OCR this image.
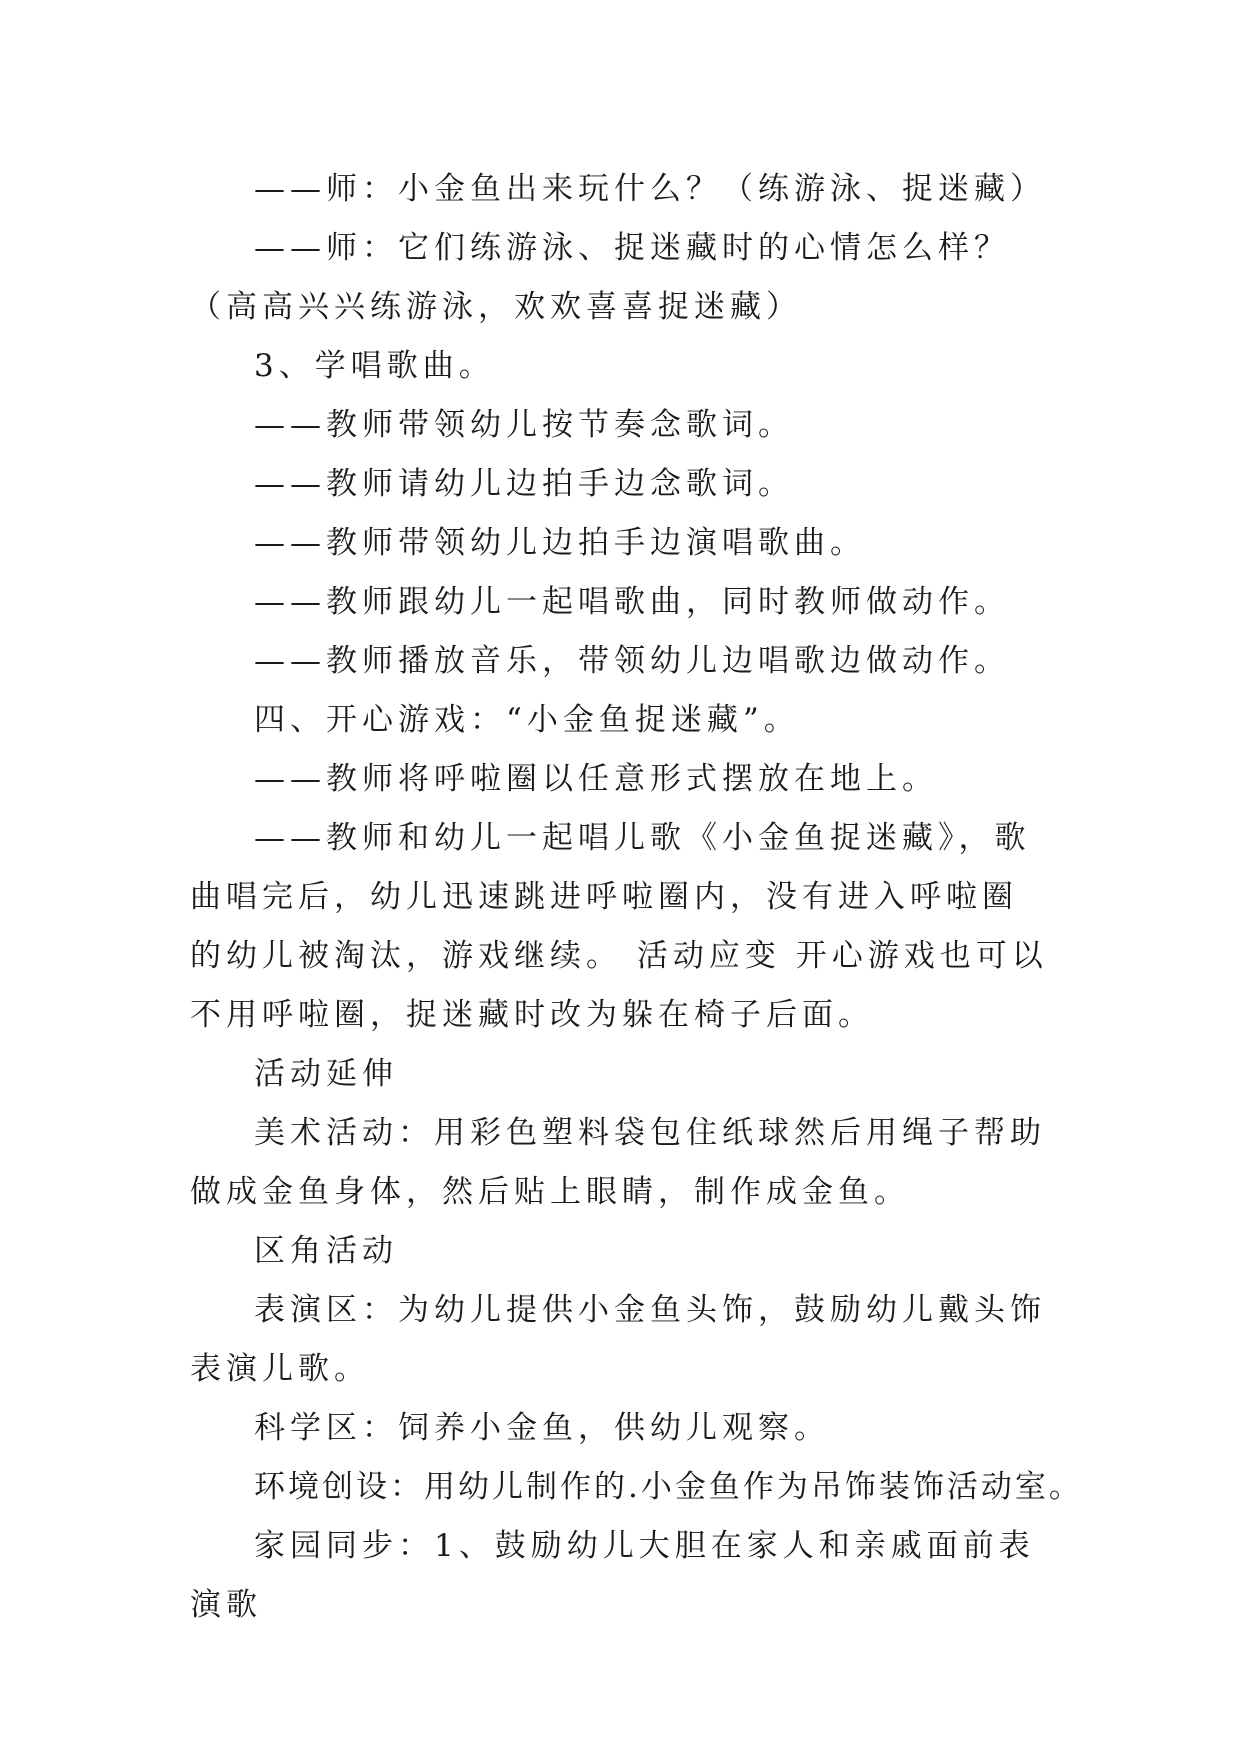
——师：小金鱼出来玩什么？（练游泳、捉迷藏）

——师：它们练游泳、捉迷藏时的心情怎么样？（高高兴兴练游泳，欢欢喜喜捉迷藏）

3、学唱歌曲。

——教师带领幼儿按节奏念歌词。

——教师请幼儿边拍手边念歌词。

——教师带领幼儿边拍手边演唱歌曲。

——教师跟幼儿一起唱歌曲，同时教师做动作。

——教师播放音乐，带领幼儿边唱歌边做动作。

四、开心游戏：“小金鱼捉迷藏”。

——教师将呼啦圈以任意形式摆放在地上。

——教师和幼儿一起唱儿歌《小金鱼捉迷藏》，歌曲唱完后，幼儿迅速跳进呼啦圈内，没有进入呼啦圈的幼儿被淘汰，游戏继续。 活动应变 开心游戏也可以不用呼啦圈，捉迷藏时改为躲在椅子后面。

活动延伸

美术活动：用彩色塑料袋包住纸球然后用绳子帮助做成金鱼身体，然后贴上眼睛，制作成金鱼。

区角活动

表演区：为幼儿提供小金鱼头饰，鼓励幼儿戴头饰表演儿歌。

科学区：饲养小金鱼，供幼儿观察。

环境创设：用幼儿制作的.小金鱼作为吊饰装饰活动室。

家园同步：1、鼓励幼儿大胆在家人和亲戚面前表演歌
